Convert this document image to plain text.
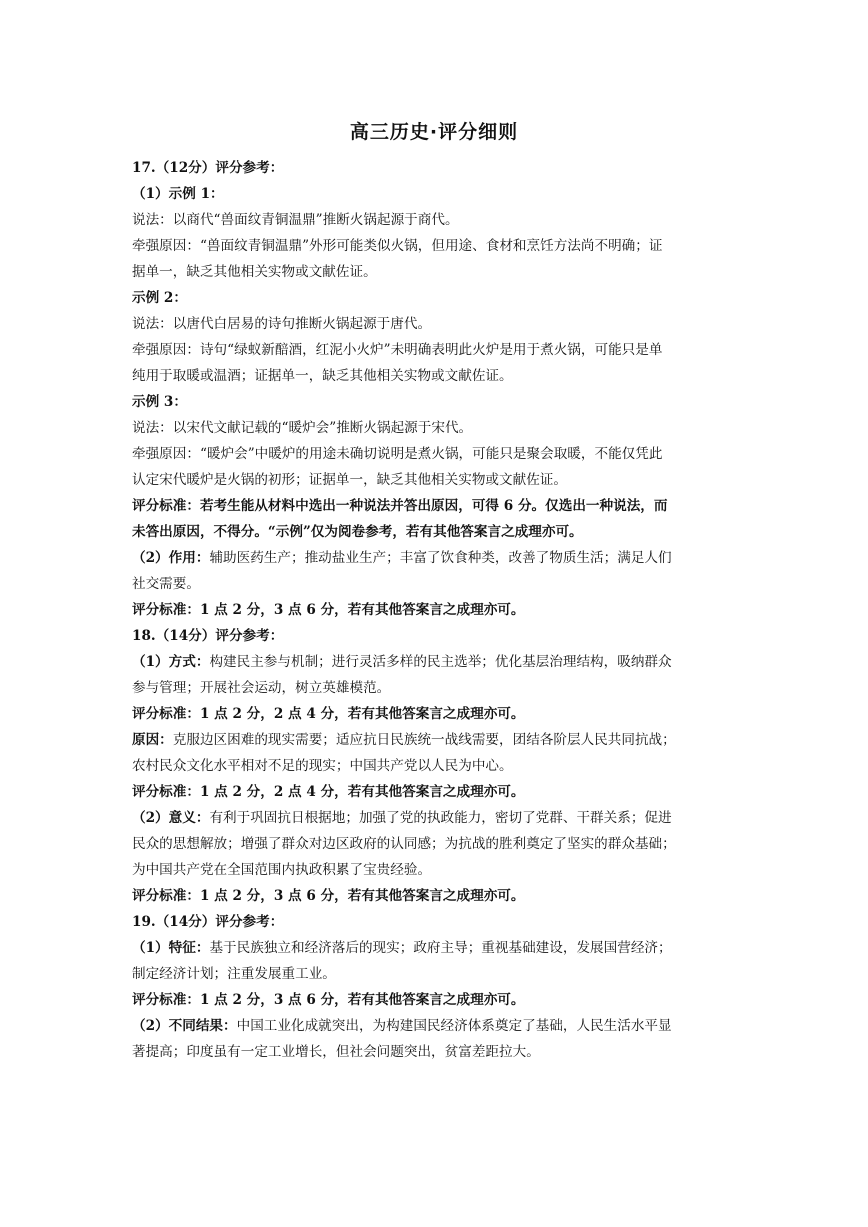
高三历史·评分细则
17.（12分）评分参考：
（1）示例 1：
说法：以商代“兽面纹青铜温鼎”推断火锅起源于商代。
牵强原因：“兽面纹青铜温鼎”外形可能类似火锅，但用途、食材和烹饪方法尚不明确；证
据单一，缺乏其他相关实物或文献佐证。
示例 2：
说法：以唐代白居易的诗句推断火锅起源于唐代。
牵强原因：诗句“绿蚁新醅酒，红泥小火炉”未明确表明此火炉是用于煮火锅，可能只是单
纯用于取暖或温酒；证据单一，缺乏其他相关实物或文献佐证。
示例 3：
说法：以宋代文献记载的“暖炉会”推断火锅起源于宋代。
牵强原因：“暖炉会”中暖炉的用途未确切说明是煮火锅，可能只是聚会取暖，不能仅凭此
认定宋代暖炉是火锅的初形；证据单一，缺乏其他相关实物或文献佐证。
评分标准：若考生能从材料中选出一种说法并答出原因，可得 6 分。仅选出一种说法，而
未答出原因，不得分。“示例”仅为阅卷参考，若有其他答案言之成理亦可。
（2）作用：辅助医药生产；推动盐业生产；丰富了饮食种类，改善了物质生活；满足人们
社交需要。
评分标准：1 点 2 分，3 点 6 分，若有其他答案言之成理亦可。
18.（14分）评分参考：
（1）方式：构建民主参与机制；进行灵活多样的民主选举；优化基层治理结构，吸纳群众
参与管理；开展社会运动，树立英雄模范。
评分标准：1 点 2 分，2 点 4 分，若有其他答案言之成理亦可。
原因：克服边区困难的现实需要；适应抗日民族统一战线需要，团结各阶层人民共同抗战；
农村民众文化水平相对不足的现实；中国共产党以人民为中心。
评分标准：1 点 2 分，2 点 4 分，若有其他答案言之成理亦可。
（2）意义：有利于巩固抗日根据地；加强了党的执政能力，密切了党群、干群关系；促进
民众的思想解放；增强了群众对边区政府的认同感；为抗战的胜利奠定了坚实的群众基础；
为中国共产党在全国范围内执政积累了宝贵经验。
评分标准：1 点 2 分，3 点 6 分，若有其他答案言之成理亦可。
19.（14分）评分参考：
（1）特征：基于民族独立和经济落后的现实；政府主导；重视基础建设，发展国营经济；
制定经济计划；注重发展重工业。
评分标准：1 点 2 分，3 点 6 分，若有其他答案言之成理亦可。
（2）不同结果：中国工业化成就突出，为构建国民经济体系奠定了基础，人民生活水平显
著提高；印度虽有一定工业增长，但社会问题突出，贫富差距拉大。
